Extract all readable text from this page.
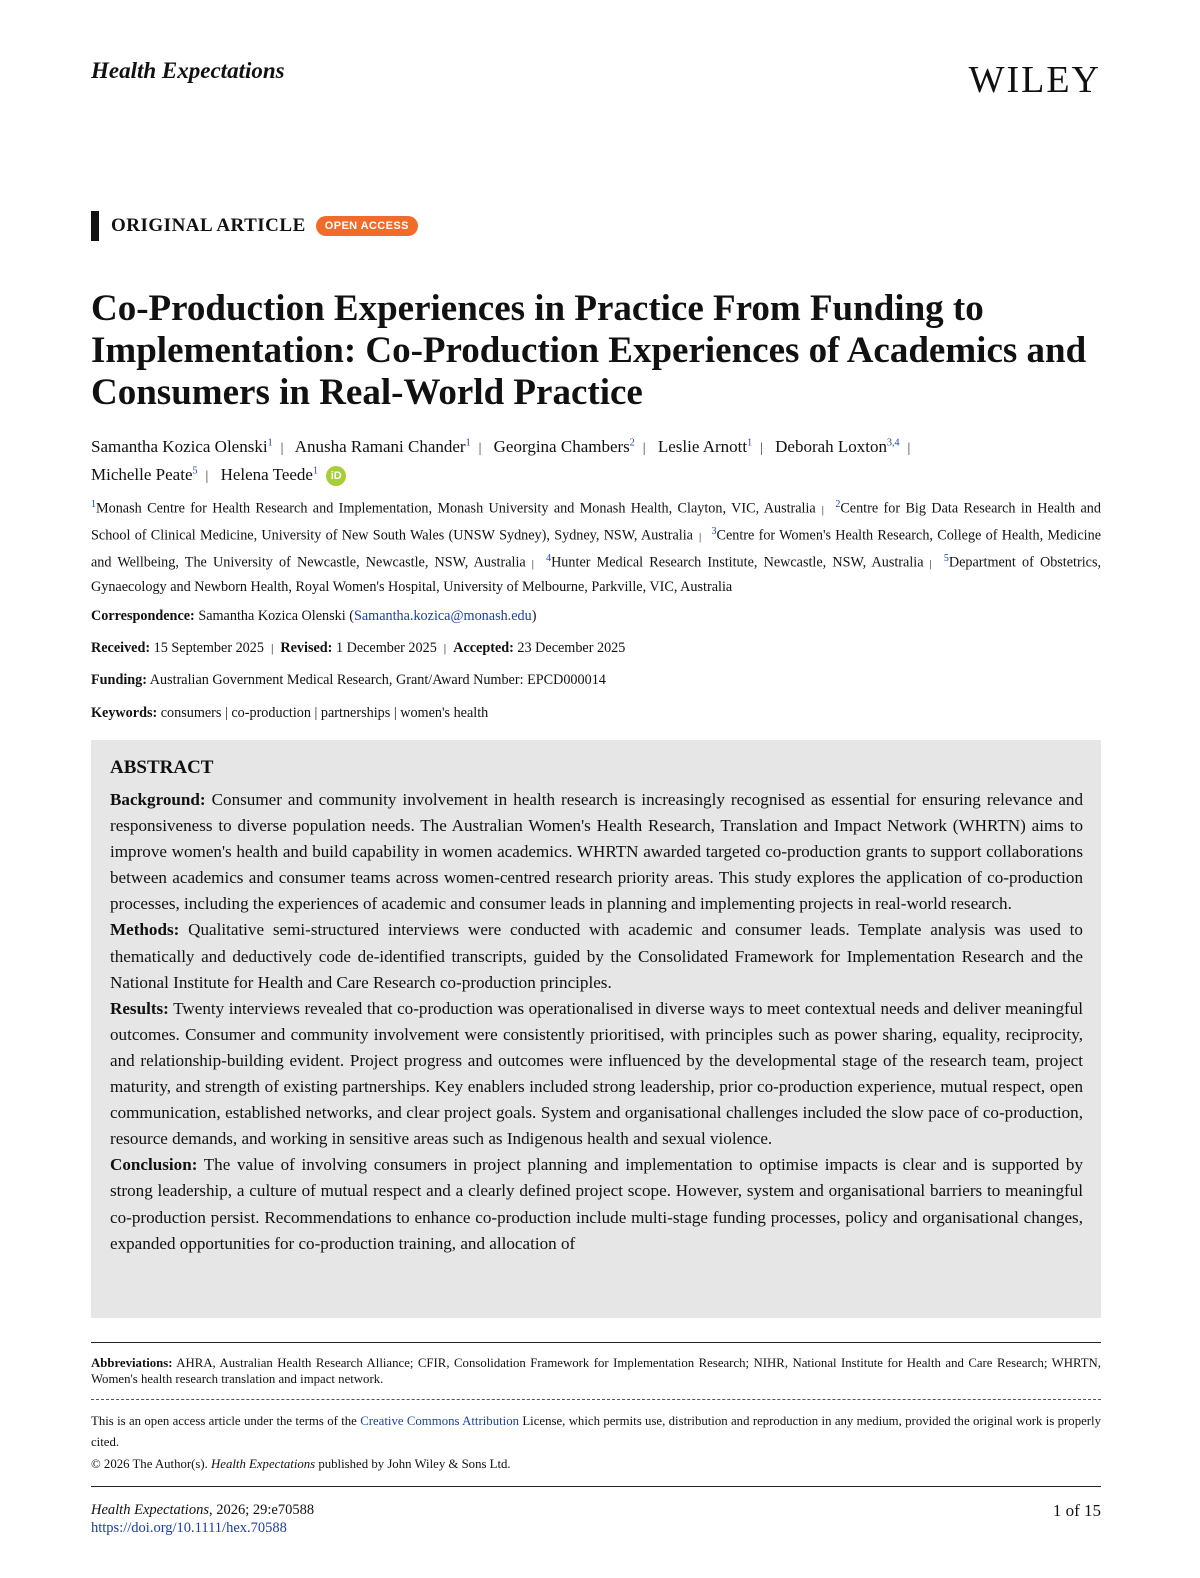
Health Expectations	WILEY
ORIGINAL ARTICLE	OPEN ACCESS
Co-Production Experiences in Practice From Funding to Implementation: Co-Production Experiences of Academics and Consumers in Real-World Practice
Samantha Kozica Olenski$^1$ | Anusha Ramani Chander$^1$ | Georgina Chambers$^2$ | Leslie Arnott$^1$ | Deborah Loxton$^{3,4}$ |
Michelle Peate$^5$ | Helena Teede$^1$ iD
$^1$Monash Centre for Health Research and Implementation, Monash University and Monash Health, Clayton, VIC, Australia | $^2$Centre for Big Data Research in Health and School of Clinical Medicine, University of New South Wales (UNSW Sydney), Sydney, NSW, Australia | $^3$Centre for Women's Health Research, College of Health, Medicine and Wellbeing, The University of Newcastle, Newcastle, NSW, Australia | $^4$Hunter Medical Research Institute, Newcastle, NSW, Australia | $^5$Department of Obstetrics, Gynaecology and Newborn Health, Royal Women's Hospital, University of Melbourne, Parkville, VIC, Australia
Correspondence: Samantha Kozica Olenski (Samantha.kozica@monash.edu)
Received: 15 September 2025 | Revised: 1 December 2025 | Accepted: 23 December 2025
Funding: Australian Government Medical Research, Grant/Award Number: EPCD000014
Keywords: consumers | co-production | partnerships | women's health
ABSTRACT

Background: Consumer and community involvement in health research is increasingly recognised as essential for ensuring relevance and responsiveness to diverse population needs. The Australian Women's Health Research, Translation and Impact Network (WHRTN) aims to improve women's health and build capability in women academics. WHRTN awarded targeted co-production grants to support collaborations between academics and consumer teams across women-centred research priority areas. This study explores the application of co-production processes, including the experiences of academic and consumer leads in planning and implementing projects in real-world research.

Methods: Qualitative semi-structured interviews were conducted with academic and consumer leads. Template analysis was used to thematically and deductively code de-identified transcripts, guided by the Consolidated Framework for Implementation Research and the National Institute for Health and Care Research co-production principles.

Results: Twenty interviews revealed that co-production was operationalised in diverse ways to meet contextual needs and deliver meaningful outcomes. Consumer and community involvement were consistently prioritised, with principles such as power sharing, equality, reciprocity, and relationship-building evident. Project progress and outcomes were influenced by the developmental stage of the research team, project maturity, and strength of existing partnerships. Key enablers included strong leadership, prior co-production experience, mutual respect, open communication, established networks, and clear project goals. System and organisational challenges included the slow pace of co-production, resource demands, and working in sensitive areas such as Indigenous health and sexual violence.

Conclusion: The value of involving consumers in project planning and implementation to optimise impacts is clear and is supported by strong leadership, a culture of mutual respect and a clearly defined project scope. However, system and organisational barriers to meaningful co-production persist. Recommendations to enhance co-production include multi-stage funding processes, policy and organisational changes, expanded opportunities for co-production training, and allocation of

Abbreviations: AHRA, Australian Health Research Alliance; CFIR, Consolidation Framework for Implementation Research; NIHR, National Institute for Health and Care Research; WHRTN, Women's health research translation and impact network.
This is an open access article under the terms of the Creative Commons Attribution License, which permits use, distribution and reproduction in any medium, provided the original work is properly cited.
© 2026 The Author(s). Health Expectations published by John Wiley & Sons Ltd.
Health Expectations, 2026; 29:e70588
https://doi.org/10.1111/hex.70588
1 of 15
